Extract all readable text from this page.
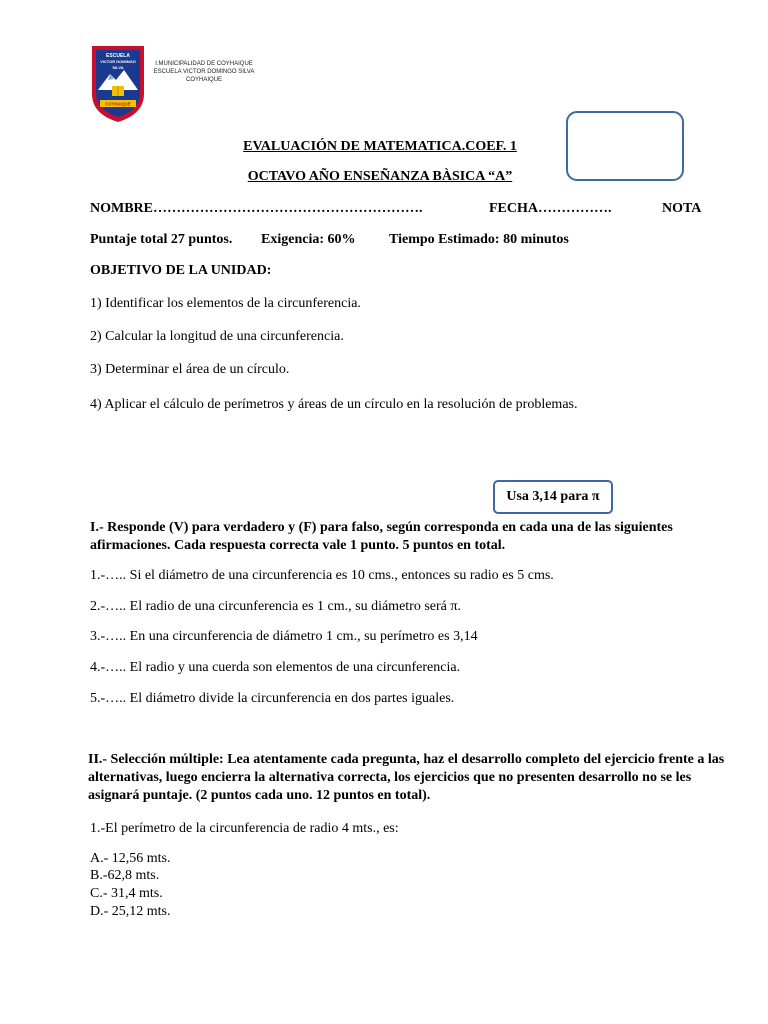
ESCUELA
VICTOR DOMINGO
SILVA
COYHAIQUE
I.MUNICIPALIDAD DE COYHAIQUE
ESCUELA VICTOR DOMINGO SILVA
COYHAIQUE
EVALUACIÓN DE MATEMATICA.COEF. 1
OCTAVO AÑO ENSEÑANZA BÀSICA “A”
NOMBRE………………………………………………….	FECHA…………….	NOTA
Puntaje total 27 puntos. Exigencia: 60% Tiempo Estimado: 80 minutos
OBJETIVO DE LA UNIDAD:
1) Identificar los elementos de la circunferencia.
2) Calcular la longitud de una circunferencia.
3) Determinar el área de un círculo.
4) Aplicar el cálculo de perímetros y áreas de un círculo en la resolución de problemas.
Usa 3,14 para π
I.- Responde (V) para verdadero y (F) para falso, según corresponda en cada una de las siguientes afirmaciones. Cada respuesta correcta vale 1 punto. 5 puntos en total.
1.-….. Si el diámetro de una circunferencia es 10 cms., entonces su radio es 5 cms.
2.-….. El radio de una circunferencia es 1 cm., su diámetro será π.
3.-….. En una circunferencia de diámetro 1 cm., su perímetro es 3,14
4.-….. El radio y una cuerda son elementos de una circunferencia.
5.-….. El diámetro divide la circunferencia en dos partes iguales.
II.- Selección múltiple: Lea atentamente cada pregunta, haz el desarrollo completo del ejercicio frente a las alternativas, luego encierra la alternativa correcta, los ejercicios que no presenten desarrollo no se les asignará puntaje. (2 puntos cada uno. 12 puntos en total).
1.-El perímetro de la circunferencia de radio 4 mts., es:
A.- 12,56 mts.
B.-62,8 mts.
C.- 31,4 mts.
D.- 25,12 mts.
